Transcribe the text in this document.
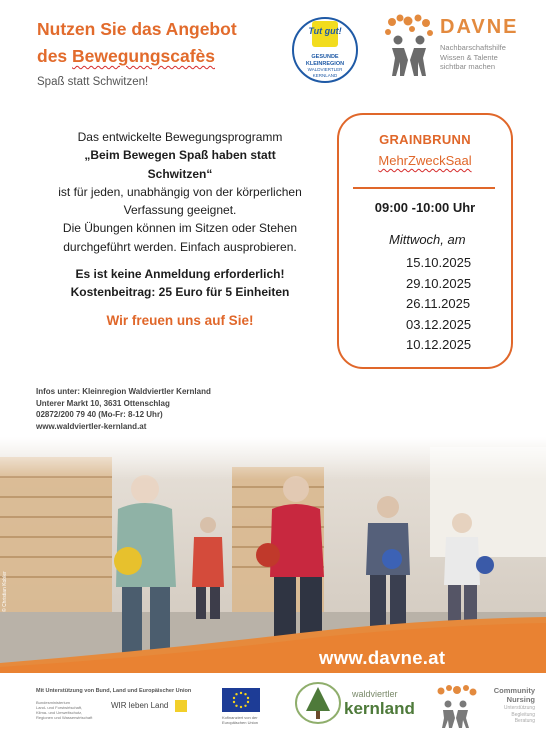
Nutzen Sie das Angebot
des Bewegungscafès
Spaß statt Schwitzen!
Tut gut!
GESUNDE
KLEINREGION
WALDVIERTLER
KERNLAND
DAVNE
Nachbarschaftshilfe
Wissen & Talente
sichtbar machen
Das entwickelte Bewegungsprogramm
„Beim Bewegen Spaß haben statt
Schwitzen“
ist für jeden, unabhängig von der körperlichen
Verfassung geeignet.
Die Übungen können im Sitzen oder Stehen
durchgeführt werden. Einfach ausprobieren.
Es ist keine Anmeldung erforderlich!
Kostenbeitrag: 25 Euro für 5 Einheiten
Wir freuen uns auf Sie!
GRAINBRUNN
MehrZweckSaal
09:00 -10:00 Uhr
Mittwoch, am
15.10.2025
29.10.2025
26.11.2025
03.12.2025
10.12.2025
Infos unter: Kleinregion Waldviertler Kernland
Unterer Markt 10, 3631 Ottenschlag
02872/200 79 40 (Mo-Fr: 8-12 Uhr)
www.waldviertler-kernland.at
www.davne.at
© Christian Kobler
Mit Unterstützung von Bund, Land und Europäischer Union
Bundesministerium
Land- und Forstwirtschaft,
Klima- und Umweltschutz,
Regionen und Wasserwirtschaft
WIR leben Land
Kofinanziert von der
Europäischen Union
waldviertler
kernland
Community
Nursing
Unterstützung
Begleitung
Beratung
